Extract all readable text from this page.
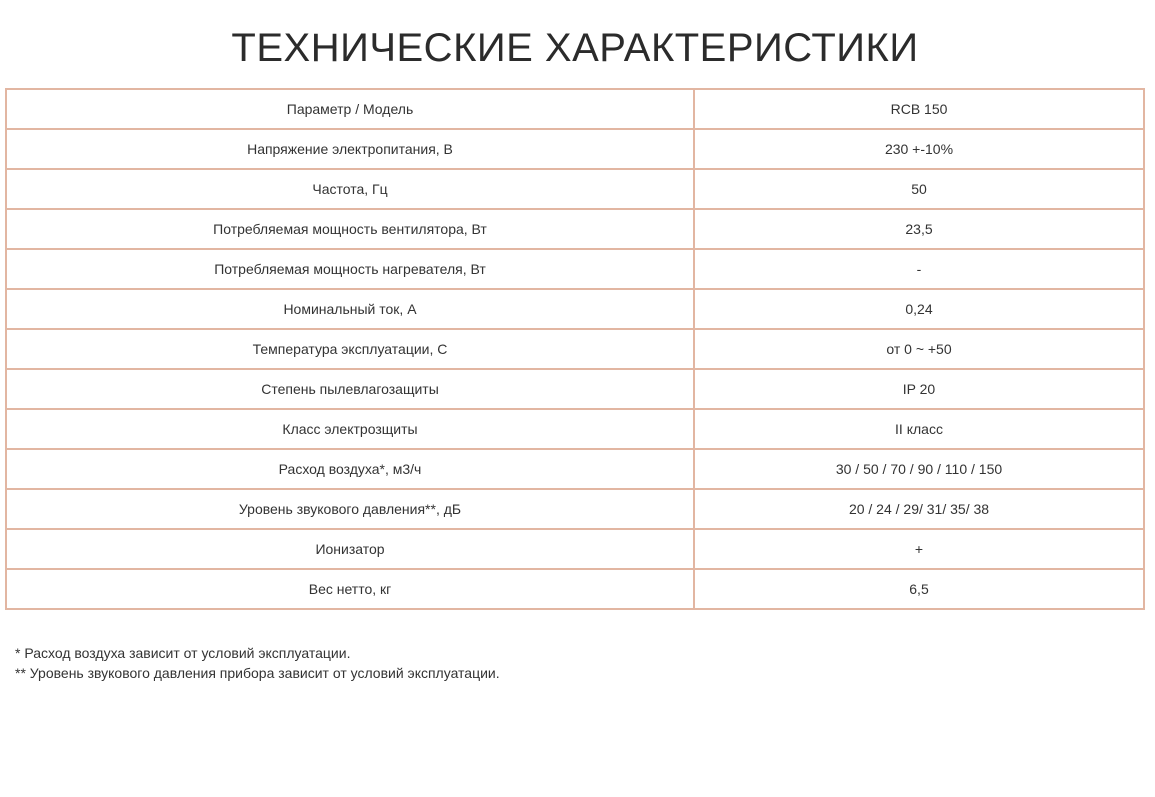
ТЕХНИЧЕСКИЕ ХАРАКТЕРИСТИКИ
Параметр / Модель	RCB 150
Напряжение электропитания, В	230 +-10%
Частота, Гц	50
Потребляемая мощность вентилятора, Вт	23,5
Потребляемая мощность нагревателя, Вт	-
Номинальный ток, А	0,24
Температура эксплуатации, С	от 0 ~ +50
Степень пылевлагозащиты	IP 20
Класс электрозщиты	II класс
Расход воздуха*, м3/ч	30 / 50 / 70 / 90 / 110 / 150
Уровень звукового давления**, дБ	20 / 24 / 29/ 31/ 35/ 38
Ионизатор	+
Вес нетто, кг	6,5
* Расход воздуха зависит от условий эксплуатации.
** Уровень звукового давления прибора зависит от условий эксплуатации.
